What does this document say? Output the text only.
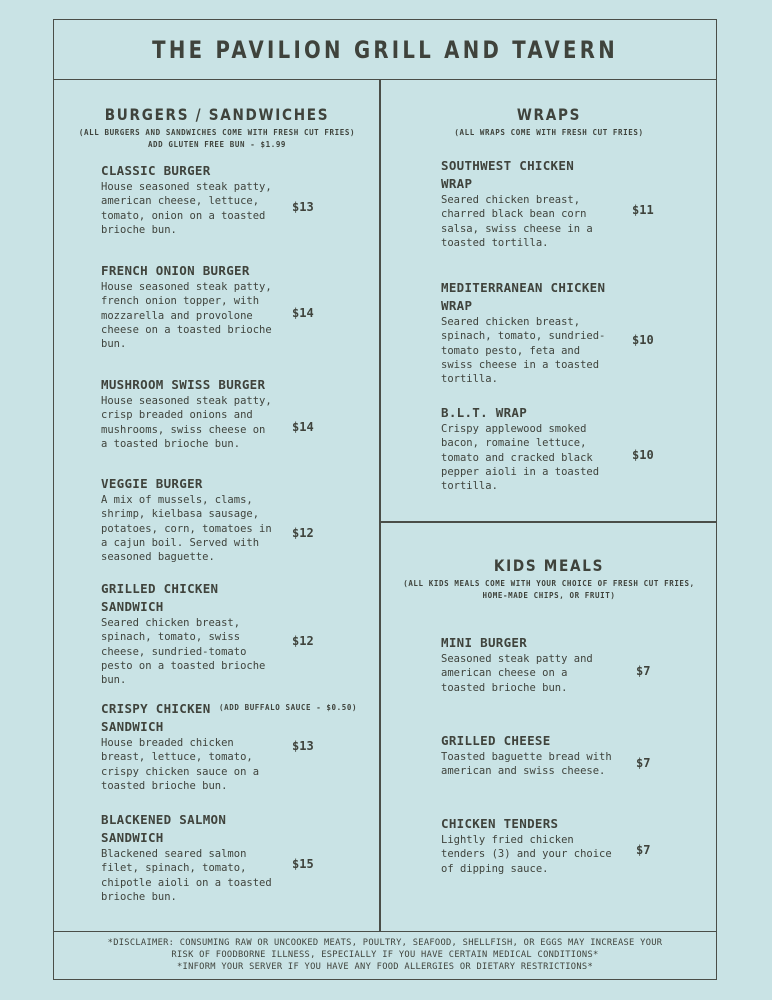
THE PAVILION GRILL AND TAVERN
BURGERS / SANDWICHES
(ALL BURGERS AND SANDWICHES COME WITH FRESH CUT FRIES)
ADD GLUTEN FREE BUN - $1.99
CLASSIC BURGER
House seasoned steak patty,
american cheese, lettuce,
tomato, onion on a toasted
brioche bun.
$13
FRENCH ONION BURGER
House seasoned steak patty,
french onion topper, with
mozzarella and provolone
cheese on a toasted brioche
bun.
$14
MUSHROOM SWISS BURGER
House seasoned steak patty,
crisp breaded onions and
mushrooms, swiss cheese on
a toasted brioche bun.
$14
VEGGIE BURGER
A mix of mussels, clams,
shrimp, kielbasa sausage,
potatoes, corn, tomatoes in
a cajun boil. Served with
seasoned baguette.
$12
GRILLED CHICKEN
SANDWICH
Seared chicken breast,
spinach, tomato, swiss
cheese, sundried-tomato
pesto on a toasted brioche
bun.
$12
CRISPY CHICKEN
SANDWICH
House breaded chicken
breast, lettuce, tomato,
crispy chicken sauce on a
toasted brioche bun.
$13
(ADD BUFFALO SAUCE - $0.50)
BLACKENED SALMON
SANDWICH
Blackened seared salmon
filet, spinach, tomato,
chipotle aioli on a toasted
brioche bun.
$15
WRAPS
(ALL WRAPS COME WITH FRESH CUT FRIES)
SOUTHWEST CHICKEN
WRAP
Seared chicken breast,
charred black bean corn
salsa, swiss cheese in a
toasted tortilla.
$11
MEDITERRANEAN CHICKEN
WRAP
Seared chicken breast,
spinach, tomato, sundried-
tomato pesto, feta and
swiss cheese in a toasted
tortilla.
$10
B.L.T. WRAP
Crispy applewood smoked
bacon, romaine lettuce,
tomato and cracked black
pepper aioli in a toasted
tortilla.
$10
KIDS MEALS
(ALL KIDS MEALS COME WITH YOUR CHOICE OF FRESH CUT FRIES,
HOME-MADE CHIPS, OR FRUIT)
MINI BURGER
Seasoned steak patty and
american cheese on a
toasted brioche bun.
$7
GRILLED CHEESE
Toasted baguette bread with
american and swiss cheese.
$7
CHICKEN TENDERS
Lightly fried chicken
tenders (3) and your choice
of dipping sauce.
$7
*DISCLAIMER: CONSUMING RAW OR UNCOOKED MEATS, POULTRY, SEAFOOD, SHELLFISH, OR EGGS MAY INCREASE YOUR
RISK OF FOODBORNE ILLNESS, ESPECIALLY IF YOU HAVE CERTAIN MEDICAL CONDITIONS*
*INFORM YOUR SERVER IF YOU HAVE ANY FOOD ALLERGIES OR DIETARY RESTRICTIONS*
